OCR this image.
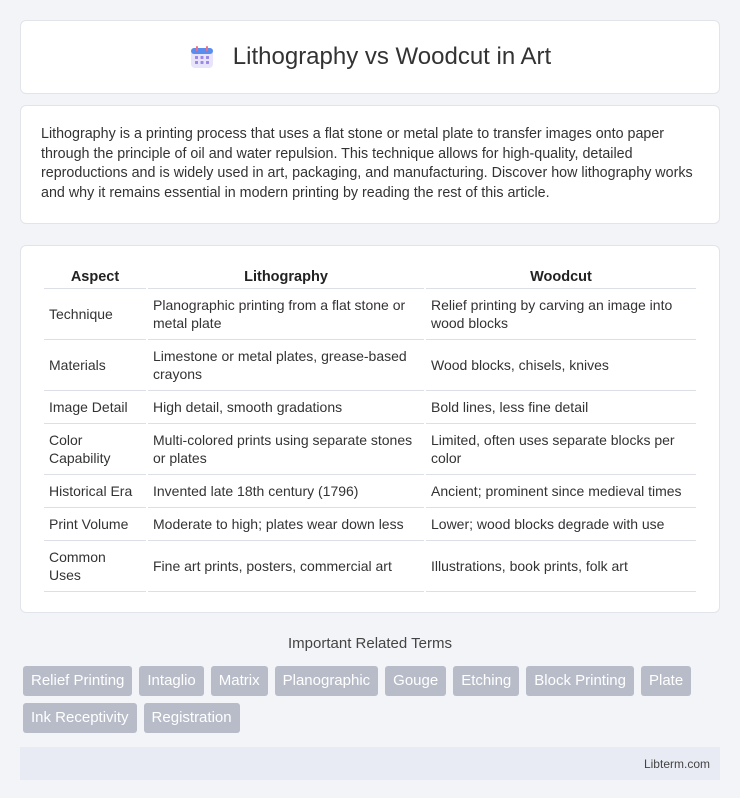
Lithography vs Woodcut in Art

Lithography is a printing process that uses a flat stone or metal plate to transfer images onto paper through the principle of oil and water repulsion. This technique allows for high-quality, detailed reproductions and is widely used in art, packaging, and manufacturing. Discover how lithography works and why it remains essential in modern printing by reading the rest of this article.

Aspect	Lithography	Woodcut
Technique	Planographic printing from a flat stone or metal plate	Relief printing by carving an image into wood blocks
Materials	Limestone or metal plates, grease-based crayons	Wood blocks, chisels, knives
Image Detail	High detail, smooth gradations	Bold lines, less fine detail
Color Capability	Multi-colored prints using separate stones or plates	Limited, often uses separate blocks per color
Historical Era	Invented late 18th century (1796)	Ancient; prominent since medieval times
Print Volume	Moderate to high; plates wear down less	Lower; wood blocks degrade with use
Common Uses	Fine art prints, posters, commercial art	Illustrations, book prints, folk art
Important Related Terms
Relief Printing	Intaglio	Matrix	Planographic	Gouge	Etching	Block Printing	Plate
Ink Receptivity	Registration
Libterm.com
